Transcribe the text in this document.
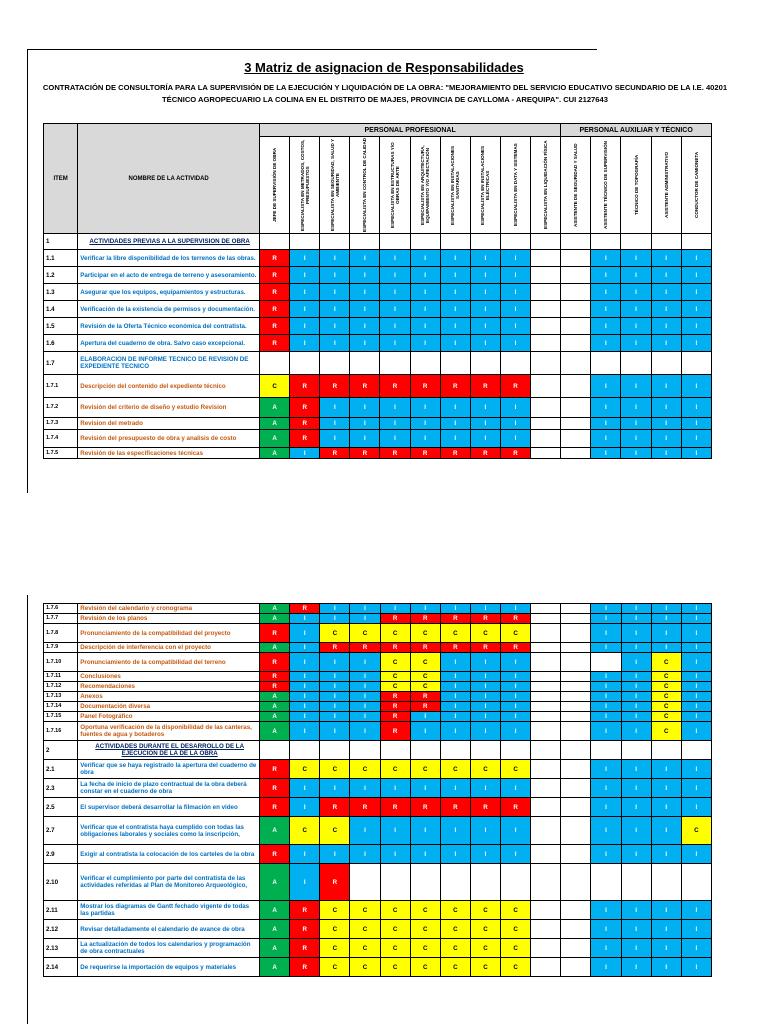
3 Matriz de asignacion de Responsabilidades
CONTRATACIÓN DE CONSULTORÍA PARA LA SUPERVISIÓN DE LA EJECUCIÓN Y LIQUIDACIÓN DE LA OBRA: "MEJORAMIENTO DEL SERVICIO EDUCATIVO SECUNDARIO DE LA I.E. 40201 TÉCNICO AGROPECUARIO LA COLINA EN EL DISTRITO DE MAJES, PROVINCIA DE CAYLLOMA - AREQUIPA". CUI 2127643
ITEM	NOMBRE DE LA ACTIVIDAD	PERSONAL PROFESIONAL										PERSONAL AUXILIAR Y TÉCNICO				

		JEFE DE SUPERVISIÓN DE OBRA	ESPECIALISTA EN METRADOS, COSTOS, PRESUPUESTOS	ESPECIALISTA EN SEGURIDAD, SALUD Y AMBIENTE	ESPECIALISTA EN CONTROL DE CALIDAD	ESPECIALISTA EN ESTRUCTURAS Y/O OBRAS DE ARTE	ESPECIALISTA EN ARQUITECTURA, EQUIPAMIENTO Y/O AFECTACIÓN	ESPECIALISTA EN INSTALACIONES SANITARIAS	ESPECIALISTA EN INSTALACIONES ELÉCTRICAS	ESPECIALISTA EN DATA Y SISTEMAS	ESPECIALISTA EN LIQUIDACIÓN FÍSICA	ASISTENTE DE SEGURIDAD Y SALUD	ASISTENTE TÉCNICO DE SUPERVISIÓN	TÉCNICO DE TOPOGRAFÍA	ASISTENTE ADMINISTRATIVO	CONDUCTOR DE CAMIONETA

1	ACTIVIDADES PREVIAS A LA SUPERVISION DE OBRA															
1.1	Verificar la libre disponibilidad de los terrenos de las obras.	R	I	I	I	I	I	I	I	I			I	I	I	I
1.2	Participar en el acto de entrega de terreno y asesoramiento.	R	I	I	I	I	I	I	I	I			I	I	I	I
1.3	Asegurar que los equipos, equipamientos y estructuras.	R	I	I	I	I	I	I	I	I			I	I	I	I
1.4	Verificación de la existencia de permisos y documentación.	R	I	I	I	I	I	I	I	I			I	I	I	I
1.5	Revisión de la Oferta Técnico económica del contratista.	R	I	I	I	I	I	I	I	I			I	I	I	I
1.6	Apertura del cuaderno de obra. Salvo caso excepcional.	R	I	I	I	I	I	I	I	I			I	I	I	I
1.7	ELABORACION DE INFORME TECNICO DE REVISION DE EXPEDIENTE TECNICO															
1.7.1	Descripción del contenido del expediente técnico	C	R	R	R	R	R	R	R	R			I	I	I	I
1.7.2	Revisión del criterio de diseño y estudio Revision	A	R	I	I	I	I	I	I	I			I	I	I	I
1.7.3	Revision del metrado	A	R	I	I	I	I	I	I	I			I	I	I	I
1.7.4	Revisión del presupuesto de obra y analisis de costo	A	R	I	I	I	I	I	I	I			I	I	I	I
1.7.5	Revisión de las especificaciones técnicas	A	I	R	R	R	R	R	R	R			I	I	I	I
1.7.6	Revisión del calendario y cronograma	A	R	I	I	I	I	I	I	I			I	I	I	I
1.7.7	Revisión de los planos	A	I	I	I	R	R	R	R	R			I	I	I	I
1.7.8	Pronunciamiento de la compatibilidad del proyecto	R	I	C	C	C	C	C	C	C			I	I	I	I
1.7.9	Descripción de interferencia con el proyecto	A	I	R	R	R	R	R	R	R			I	I	I	I
1.7.10	Pronunciamiento de la compatibilidad del terreno	R	I	I	I	C	C	I	I	I				I	C	I
1.7.11	Conclusiones	R	I	I	I	C	C	I	I	I			I	I	C	I
1.7.12	Recomendaciones	R	I	I	I	C	C	I	I	I			I	I	C	I
1.7.13	Anexos	A	I	I	I	R	R	I	I	I			I	I	C	I
1.7.14	Documentación diversa	A	I	I	I	R	R	I	I	I			I	I	C	I
1.7.15	Panel Fotográfico	A	I	I	I	R	I	I	I	I			I	I	C	I
1.7.16	Oportuna verificación de la disponibilidad de las canteras, fuentes de agua y botaderos	A	I	I	I	R	I	I	I	I			I	I	C	I
2	ACTIVIDADES DURANTE EL DESARROLLO DE LA EJECUCIÓN DE LA DE LA OBRA															
2.1	Verificar que se haya registrado la apertura del cuaderno de obra	R	C	C	C	C	C	C	C	C			I	I	I	I
2.3	La fecha de inicio de plazo contractual de la obra deberá constar en el cuaderno de obra	R	I	I	I	I	I	I	I	I			I	I	I	I
2.5	El supervisor deberá desarrollar la filmación en video	R	I	R	R	R	R	R	R	R			I	I	I	I
2.7	Verificar que el contratista haya cumplido con todas las obligaciones laborales y sociales como la inscripción,	A	C	C	I	I	I	I	I	I			I	I	I	C
2.9	Exigir al contratista la colocación de los carteles de la obra	R	I	I	I	I	I	I	I	I			I	I	I	I
2.10	Verificar el cumplimiento por parte del contratista de las actividades referidas al Plan de Monitoreo Arqueológico,	A	I	R												
2.11	Mostrar los diagramas de Gantt fechado vigente de todas las partidas	A	R	C	C	C	C	C	C	C			I	I	I	I
2.12	Revisar detalladamente el calendario de avance de obra	A	R	C	C	C	C	C	C	C			I	I	I	I
2.13	La actualización de todos los calendarios y programación de obra contractuales	A	R	C	C	C	C	C	C	C			I	I	I	I
2.14	De requerirse la importación de equipos y materiales	A	R	C	C	C	C	C	C	C			I	I	I	I
